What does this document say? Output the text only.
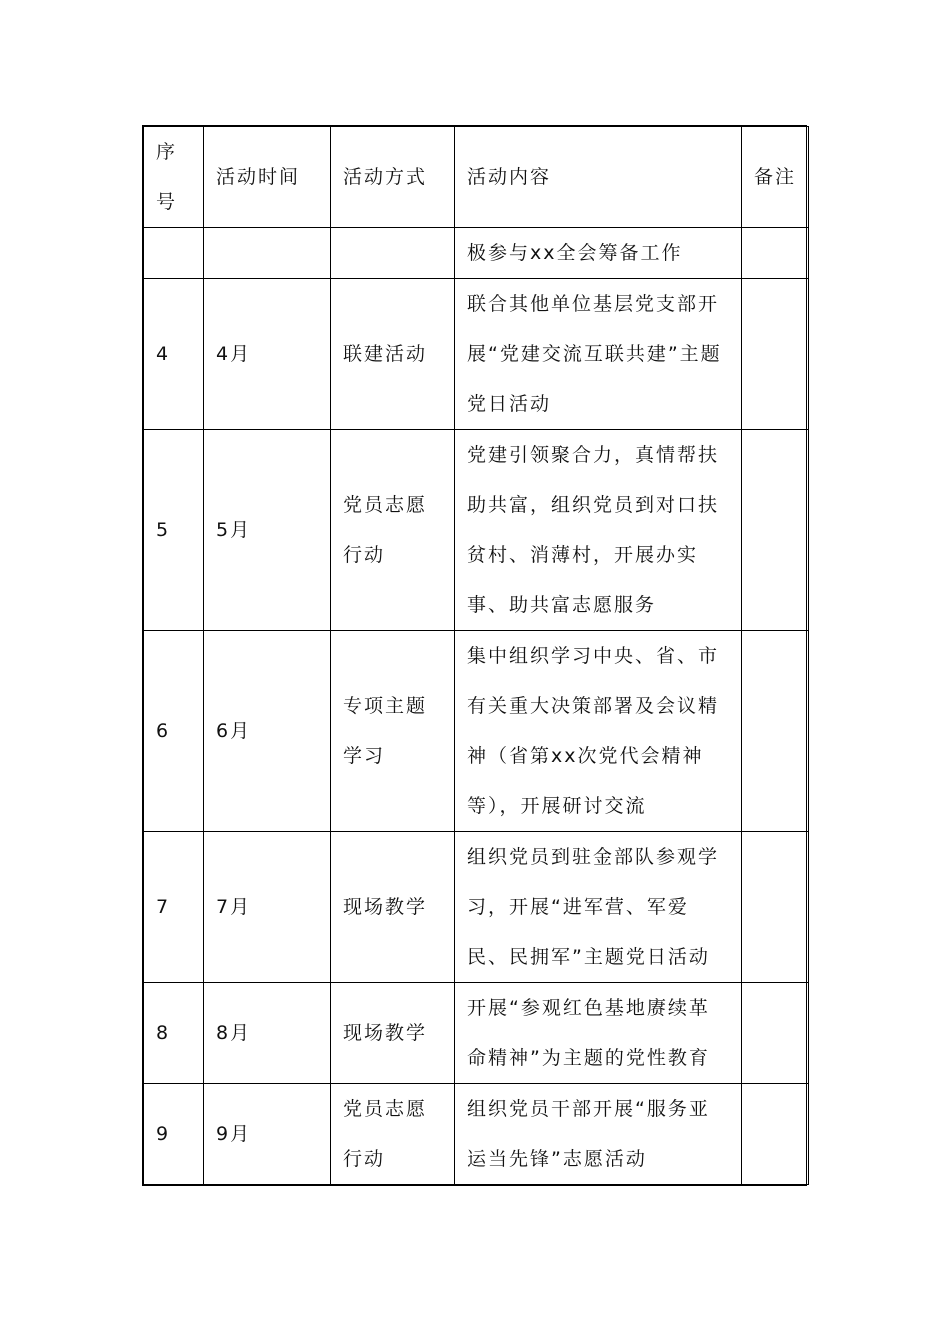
序号	活动时间	活动方式	活动内容	备注
			极参与xx全会筹备工作	
4	4月	联建活动	联合其他单位基层党支部开展“党建交流互联共建”主题党日活动	
5	5月	党员志愿行动	党建引领聚合力，真情帮扶助共富，组织党员到对口扶贫村、消薄村，开展办实事、助共富志愿服务	
6	6月	专项主题学习	集中组织学习中央、省、市有关重大决策部署及会议精神（省第xx次党代会精神等），开展研讨交流	
7	7月	现场教学	组织党员到驻金部队参观学习，开展“进军营、军爱民、民拥军”主题党日活动	
8	8月	现场教学	开展“参观红色基地赓续革命精神”为主题的党性教育	
9	9月	党员志愿行动	组织党员干部开展“服务亚运当先锋”志愿活动	
